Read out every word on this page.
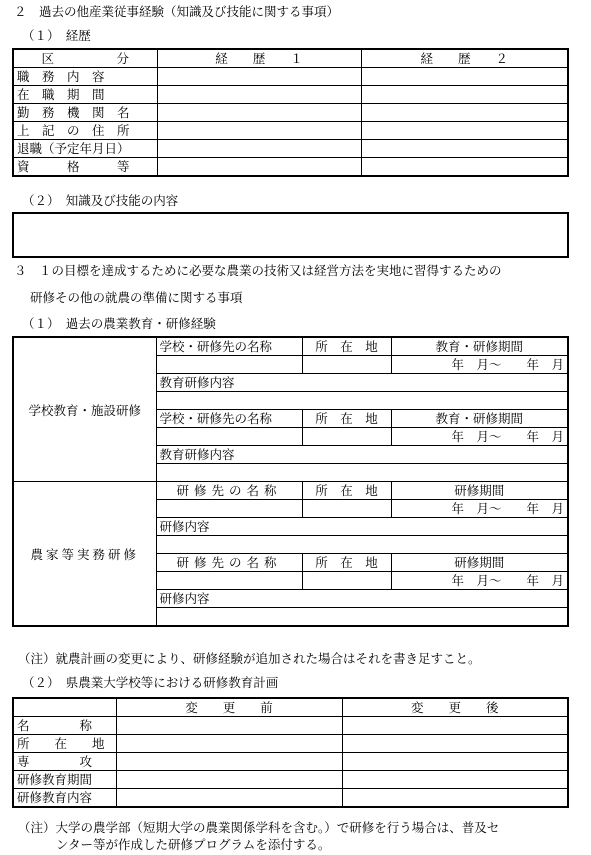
２　過去の他産業従事経験（知識及び技能に関する事項）
（１）　経歴
区　　　　　分	経　　歴　　１	経　　歴　　２
職　務　内　容		
在　職　期　間		
勤　務　機　関　名		
上　記　の　住　所		
退職（予定年月日）		
資　　　格　　　等		
（２）　知識及び技能の内容
３　１の目標を達成するために必要な農業の技術又は経営方法を実地に習得するための
研修その他の就農の準備に関する事項
（１）　過去の農業教育・研修経験
学校教育・施設研修	学校・研修先の名称	所　在　地	教育・研修期間
			年　月～　　年　月
	教育研修内容		

	学校・研修先の名称	所　在　地	教育・研修期間
			年　月～　　年　月
	教育研修内容		

農家等実務研修	研修先の名称	所　在　地	研修期間
			年　月～　　年　月
	研修内容		

	研修先の名称	所　在　地	研修期間
			年　月～　　年　月
	研修内容		

（注）就農計画の変更により、研修経験が追加された場合はそれを書き足すこと。
（２）　県農業大学校等における研修教育計画
	変　　更　　前	変　　更　　後
名　　　　称		
所　　在　　地		
専　　　　攻		
研修教育期間		
研修教育内容		
（注）大学の農学部（短期大学の農業関係学科を含む。）で研修を行う場合は、普及セ
ンター等が作成した研修プログラムを添付する。
